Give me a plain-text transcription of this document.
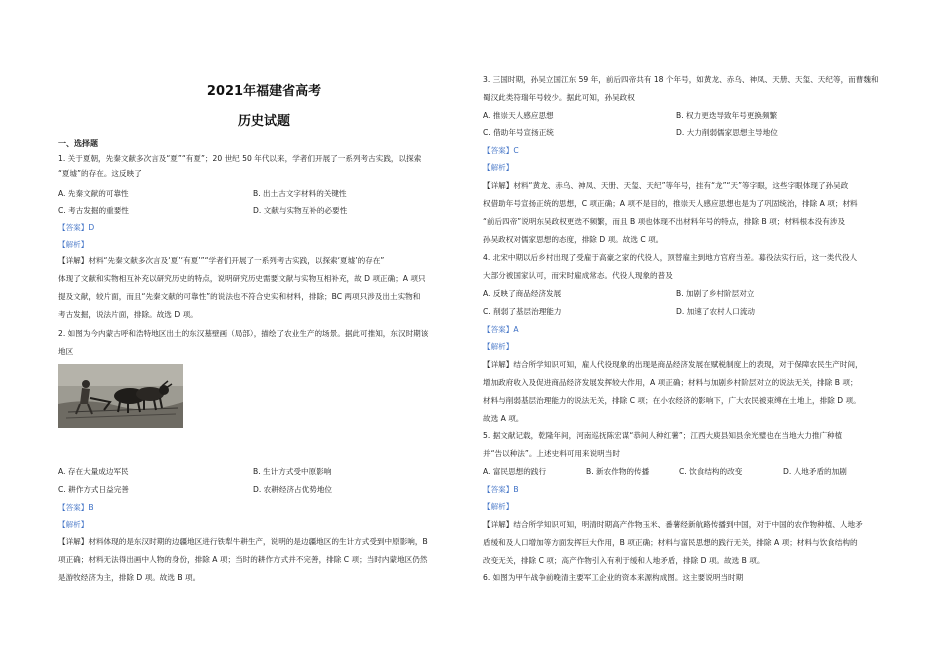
2021年福建省高考
历史试题
一、选择题
1. 关于夏朝，先秦文献多次言及“夏”“有夏”；20 世纪 50 年代以来，学者们开展了一系列考古实践，以探索
“夏墟”的存在。这反映了
A. 先秦文献的可靠性	B. 出土古文字材料的关键性
C. 考古发掘的重要性	D. 文献与实物互补的必要性
【答案】D
【解析】
【详解】材料“先秦文献多次言及‘夏’‘有夏’”“学者们开展了一系列考古实践，以探索‘夏墟’的存在”
体现了文献和实物相互补充以研究历史的特点，说明研究历史需要文献与实物互相补充，故 D 项正确；A 项只
提及文献，较片面，而且“先秦文献的可靠性”的说法也不符合史实和材料，排除；BC 两项只涉及出土实物和
考古发掘，说法片面，排除。故选 D 项。
2. 如图为今内蒙古呼和浩特地区出土的东汉墓壁画（局部），描绘了农业生产的场景。据此可推知，东汉时期该
地区
A. 存在大量成边军民	B. 生计方式受中原影响
C. 耕作方式日益完善	D. 农耕经济占优势地位
【答案】B
【解析】
【详解】材料体现的是东汉时期的边疆地区进行铁犁牛耕生产，说明的是边疆地区的生计方式受到中原影响，B
项正确；材料无法得出画中人物的身份，排除 A 项；当时的耕作方式并不完善，排除 C 项；当时内蒙地区仍然
是游牧经济为主，排除 D 项。故选 B 项。
3. 三国时期，孙吴立国江东 59 年，前后四帝共有 18 个年号，如黄龙、赤乌、神凤、天册、天玺、天纪等，而曹魏和
蜀汉此类符瑞年号较少。据此可知，孙吴政权
A. 推崇天人感应思想	B. 权力更迭导致年号更换频繁
C. 借助年号宣扬正统	D. 大力削弱儒家思想主导地位
【答案】C
【解析】
【详解】材料“黄龙、赤乌、神凤、天册、天玺、天纪”等年号，挂有“龙”“天”等字眼，这些字眼体现了孙吴政
权借助年号宣扬正统的思想，C 项正确；A 项不是目的，推崇天人感应思想也是为了巩固统治，排除 A 项；材料
“前后四帝”说明东吴政权更迭不频繁，而且 B 项也体现不出材料年号的特点，排除 B 项；材料根本没有涉及
孙吴政权对儒家思想的态度，排除 D 项。故选 C 项。
4. 北宋中期以后乡村出现了受雇于高豪之家的代役人，顶替雇主到地方官府当差。募役法实行后，这一类代役人
大部分被国家认可，而宋时雇成常态。代役人现象的普及
A. 反映了商品经济发展	B. 加剧了乡村阶层对立
C. 削弱了基层治理能力	D. 加速了农村人口流动
【答案】A
【解析】
【详解】结合所学知识可知，雇人代役现象的出现是商品经济发展在赋税制度上的表现，对于保障农民生产时间，
增加政府收入及促进商品经济发展发挥较大作用，A 项正确；材料与加剧乡村阶层对立的说法无关，排除 B 项；
材料与削弱基层治理能力的说法无关，排除 C 项；在小农经济的影响下，广大农民被束缚在土地上，排除 D 项。
故选 A 项。
5. 据文献记载，乾隆年间，河南巡抚陈宏谋“恭间人种红薯”；江西大庾县知县余光璧也在当地大力推广种植
并“告以种法”。上述史料可用来说明当时
A. 富民思想的践行	B. 新农作物的传播	C. 饮食结构的改变	D. 人地矛盾的加剧
【答案】B
【解析】
【详解】结合所学知识可知，明清时期高产作物玉米、番薯经新航路传播到中国，对于中国的农作物种植、人地矛
盾缓和及人口增加等方面发挥巨大作用，B 项正确；材料与富民思想的践行无关，排除 A 项；材料与饮食结构的
改变无关，排除 C 项；高产作物引入有利于缓和人地矛盾，排除 D 项。故选 B 项。
6. 如图为甲午战争前晚清主要军工企业的资本来源构成图。这主要说明当时期
